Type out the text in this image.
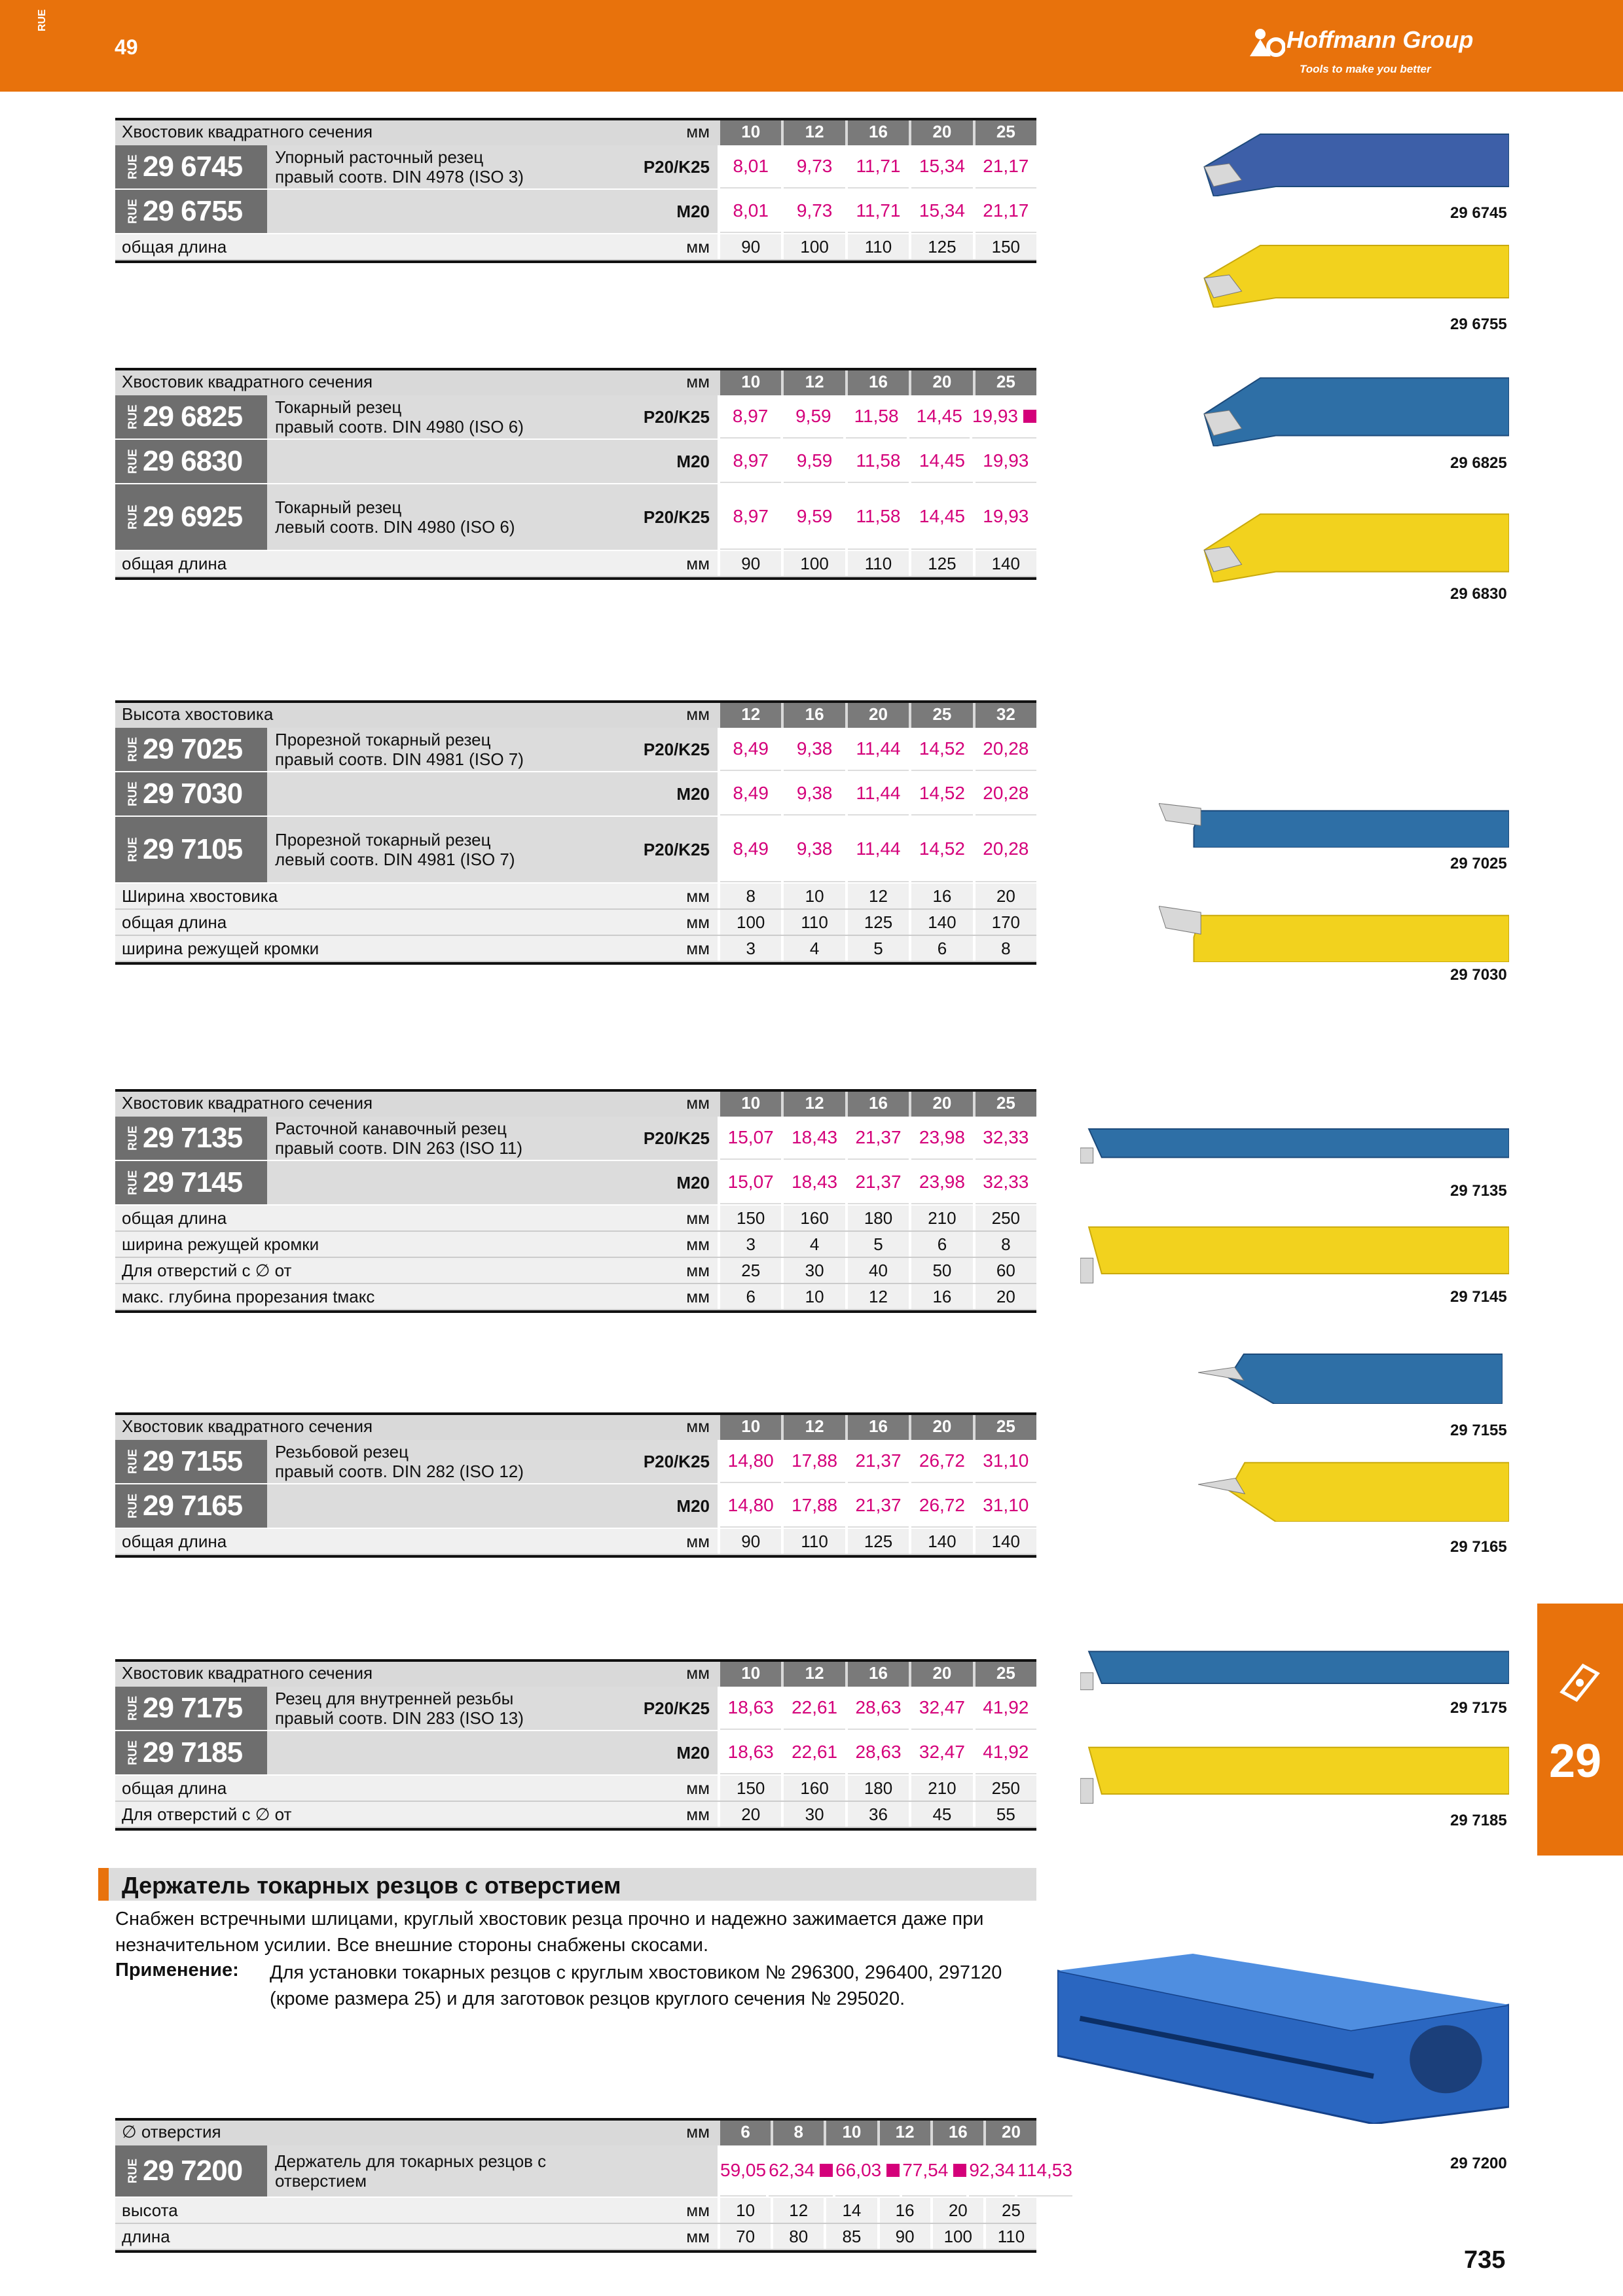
RUE
49	Hoffmann Group
Tools to make you better
Хвостовик квадратного сечения	мм	10	12	16	20	25
RUE 29 6745 Упорный расточный резец
правый соотв. DIN 4978 (ISO 3)
P20/K25	8,01 9,73 11,71 15,34 21,17
RUE 29 6755	M20	8,01 9,73 11,71 15,34 21,17
общая длина	мм	90	100	110	125	150
Хвостовик квадратного сечения	мм	10	12	16	20	25
RUE 29 6825 Токарный резец
правый соотв. DIN 4980 (ISO 6)
P20/K25	8,97 9,59 11,58 14,45 19,93
RUE 29 6830	M20	8,97 9,59 11,58 14,45 19,93
RUE 29 6925 Токарный резец
левый соотв. DIN 4980 (ISO 6)
P20/K25	8,97 9,59 11,58 14,45 19,93
общая длина	мм	90	100	110	125	140
Высота хвостовика	мм	12	16	20	25	32
RUE 29 7025 Прорезной токарный резец
правый соотв. DIN 4981 (ISO 7)
P20/K25	8,49 9,38 11,44 14,52 20,28
RUE 29 7030	M20	8,49 9,38 11,44 14,52 20,28
RUE 29 7105 Прорезной токарный резец
левый соотв. DIN 4981 (ISO 7)
P20/K25	8,49 9,38 11,44 14,52 20,28
Ширина хвостовика	мм	8	10	12	16	20
общая длина	мм	100	110	125	140	170
ширина режущей кромки	мм	3	4	5	6	8
Хвостовик квадратного сечения	мм	10	12	16	20	25
RUE 29 7135 Расточной канавочный резец
правый соотв. DIN 263 (ISO 11)
P20/K25 15,07 18,43 21,37 23,98 32,33
RUE 29 7145	M20 15,07 18,43 21,37 23,98 32,33
общая длина	мм	150	160	180	210	250
ширина режущей кромки	мм	3	4	5	6	8
Для отверстий с ∅ от	мм	25	30	40	50	60
макс. глубина прорезания tмакс	мм	6	10	12	16	20
Хвостовик квадратного сечения	мм	10	12	16	20	25
RUE 29 7155 Резьбовой резец
правый соотв. DIN 282 (ISO 12)
P20/K25 14,80 17,88 21,37 26,72 31,10
RUE 29 7165	M20 14,80 17,88 21,37 26,72 31,10
общая длина	мм	90	110	125	140	140
Хвостовик квадратного сечения	мм	10	12	16	20	25
RUE 29 7175 Резец для внутренней резьбы
правый соотв. DIN 283 (ISO 13)
P20/K25 18,63 22,61 28,63 32,47 41,92
RUE 29 7185	M20 18,63 22,61 28,63 32,47 41,92
общая длина	мм	150	160	180	210	250
Для отверстий с ∅ от	мм	20	30	36	45	55
∅ отверстия	мм	6	8	10	12	16	20
RUE 29 7200 Держатель для токарных резцов с
отверстием
59,05 62,34 66,03 77,54 92,34 114,53
высота	мм	10	12	14	16	20	25
длина	мм	70	80	85	90	100	110
29 6745
29 6755
29 6825
29 6830
29 7025
29 7030
29 7135
29 7145
29 7155
29 7165
29 7175
29 7185
29 7200
Держатель токарных резцов с отверстием
Снабжен встречными шлицами, круглый хвостовик резца прочно и надежно зажимается даже при
незначительном усилии. Все внешние стороны снабжены скосами.
Применение: Для установки токарных резцов с круглым хвостовиком № 296300, 296400, 297120
(кроме размера 25) и для заготовок резцов круглого сечения № 295020.
29
735
